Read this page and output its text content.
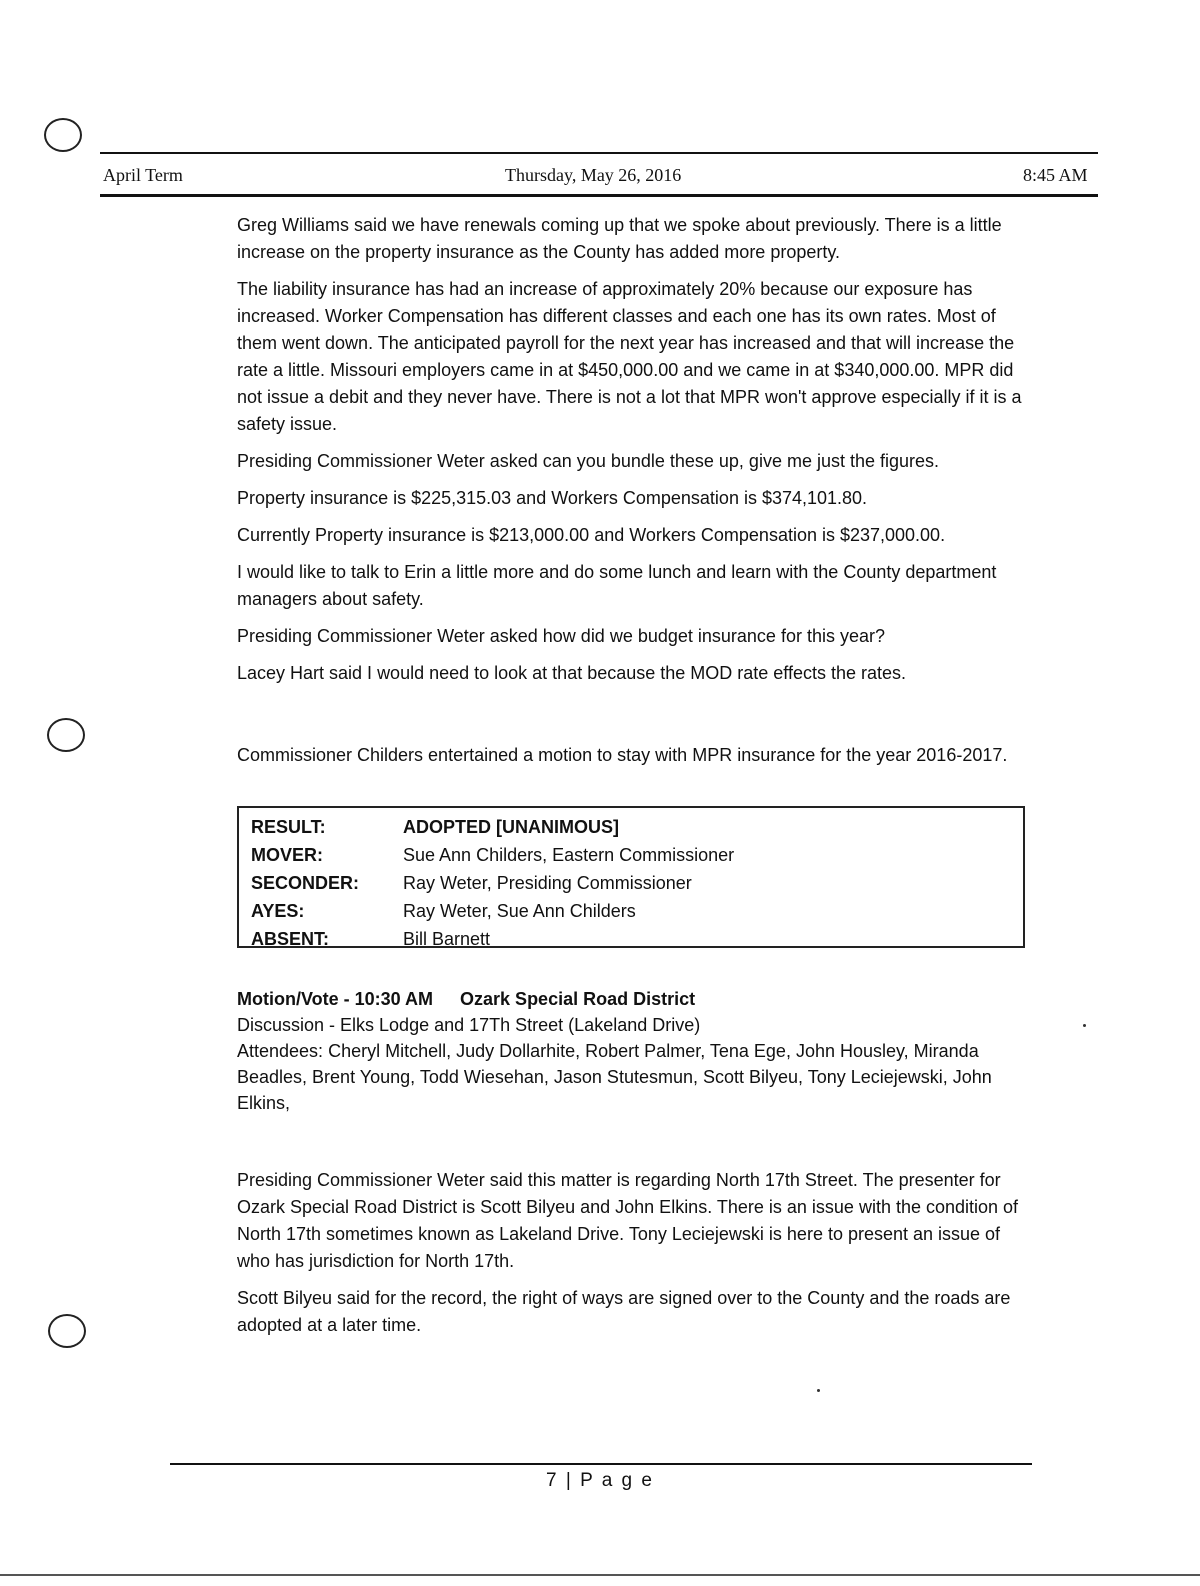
April Term	Thursday, May 26, 2016	8:45 AM

Greg Williams said we have renewals coming up that we spoke about previously. There is a little increase on the property insurance as the County has added more property.

The liability insurance has had an increase of approximately 20% because our exposure has increased. Worker Compensation has different classes and each one has its own rates. Most of them went down. The anticipated payroll for the next year has increased and that will increase the rate a little. Missouri employers came in at $450,000.00 and we came in at $340,000.00. MPR did not issue a debit and they never have. There is not a lot that MPR won't approve especially if it is a safety issue.

Presiding Commissioner Weter asked can you bundle these up, give me just the figures.

Property insurance is $225,315.03 and Workers Compensation is $374,101.80.

Currently Property insurance is $213,000.00 and Workers Compensation is $237,000.00.

I would like to talk to Erin a little more and do some lunch and learn with the County department managers about safety.

Presiding Commissioner Weter asked how did we budget insurance for this year?

Lacey Hart said I would need to look at that because the MOD rate effects the rates.

Commissioner Childers entertained a motion to stay with MPR insurance for the year 2016-2017.
RESULT:	ADOPTED [UNANIMOUS]
MOVER:	Sue Ann Childers, Eastern Commissioner
SECONDER:	Ray Weter, Presiding Commissioner
AYES:	Ray Weter, Sue Ann Childers
ABSENT:	Bill Barnett
Motion/Vote - 10:30 AM Ozark Special Road District
Discussion - Elks Lodge and 17Th Street (Lakeland Drive)
Attendees: Cheryl Mitchell, Judy Dollarhite, Robert Palmer, Tena Ege, John Housley, Miranda Beadles, Brent Young, Todd Wiesehan, Jason Stutesmun, Scott Bilyeu, Tony Leciejewski, John Elkins,

Presiding Commissioner Weter said this matter is regarding North 17th Street. The presenter for Ozark Special Road District is Scott Bilyeu and John Elkins. There is an issue with the condition of North 17th sometimes known as Lakeland Drive. Tony Leciejewski is here to present an issue of who has jurisdiction for North 17th.

Scott Bilyeu said for the record, the right of ways are signed over to the County and the roads are adopted at a later time.

7 | P a g e
